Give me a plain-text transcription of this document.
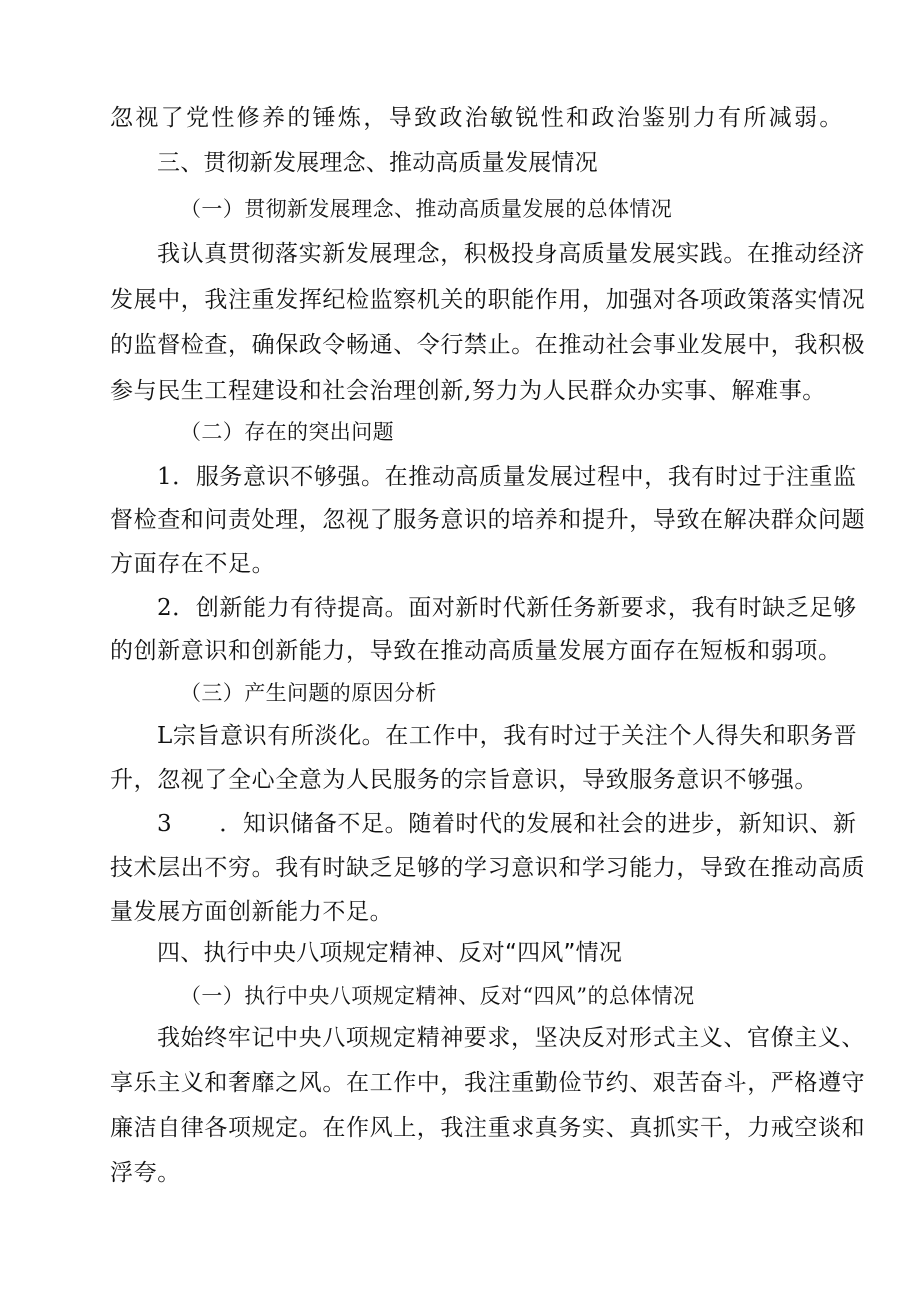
忽视了党性修养的锤炼，导致政治敏锐性和政治鉴别力有所减弱。
三、贯彻新发展理念、推动高质量发展情况
（一）贯彻新发展理念、推动高质量发展的总体情况
我认真贯彻落实新发展理念，积极投身高质量发展实践。在推动经济
发展中，我注重发挥纪检监察机关的职能作用，加强对各项政策落实情况
的监督检查，确保政令畅通、令行禁止。在推动社会事业发展中，我积极
参与民生工程建设和社会治理创新,努力为人民群众办实事、解难事。
（二）存在的突出问题
1．服务意识不够强。在推动高质量发展过程中，我有时过于注重监
督检查和问责处理，忽视了服务意识的培养和提升，导致在解决群众问题
方面存在不足。
2．创新能力有待提高。面对新时代新任务新要求，我有时缺乏足够
的创新意识和创新能力，导致在推动高质量发展方面存在短板和弱项。
（三）产生问题的原因分析
L宗旨意识有所淡化。在工作中，我有时过于关注个人得失和职务晋
升，忽视了全心全意为人民服务的宗旨意识，导致服务意识不够强。
3　　．知识储备不足。随着时代的发展和社会的进步，新知识、新
技术层出不穷。我有时缺乏足够的学习意识和学习能力，导致在推动高质
量发展方面创新能力不足。
四、执行中央八项规定精神、反对“四风”情况
（一）执行中央八项规定精神、反对“四风”的总体情况
我始终牢记中央八项规定精神要求，坚决反对形式主义、官僚主义、
享乐主义和奢靡之风。在工作中，我注重勤俭节约、艰苦奋斗，严格遵守
廉洁自律各项规定。在作风上，我注重求真务实、真抓实干，力戒空谈和
浮夸。
